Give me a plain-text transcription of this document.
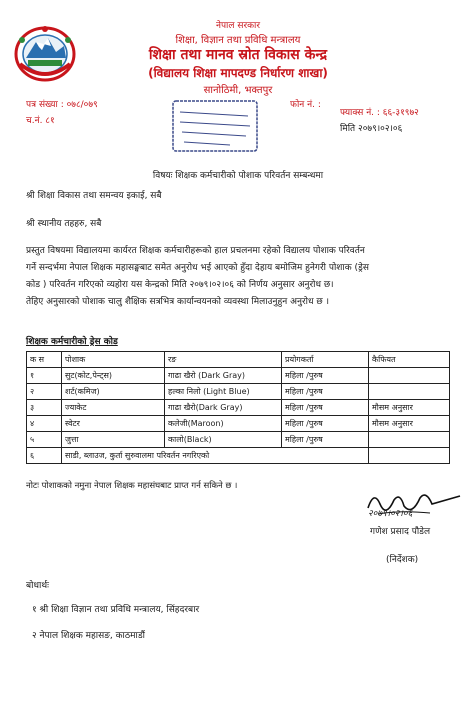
नेपाल सरकार
शिक्षा, विज्ञान तथा प्रविधि मन्त्रालय
शिक्षा तथा मानव स्रोत विकास केन्द्र
(विद्यालय शिक्षा मापदण्ड निर्धारण शाखा)
सानोठिमी, भक्तपुर
पत्र संख्या : ०७८/०७९
च.नं. ८१
फोन नं. :
फ्याक्स नं. : ६६-३१९७२
मिति २०७९।०२।०६
विषयः शिक्षक कर्मचारीको पोशाक परिवर्तन सम्बन्धमा
श्री शिक्षा विकास तथा समन्वय इकाई, सबै
श्री स्थानीय तहहरु, सबै
प्रस्तुत विषयमा विद्यालयमा कार्यरत शिक्षक कर्मचारीहरूको हाल प्रचलनमा रहेको विद्यालय पोशाक परिवर्तन
गर्ने सन्दर्भमा नेपाल शिक्षक महासङ्घबाट समेत अनुरोध भई आएको हुँदा देहाय बमोजिम हुनेगरी पोशाक (ड्रेस
कोड ) परिवर्तन गरिएको व्यहोरा यस केन्द्रको मिति २०७९।०२।०६ को निर्णय अनुसार अनुरोध छ।
तेहिए अनुसारको पोशाक चालु शैक्षिक सत्रभित्र कार्यान्वयनको व्यवस्था मिलाउनुहुन अनुरोध छ ।
शिक्षक कर्मचारीको ड्रेस कोड
क स	पोशाक	रङ	प्रयोगकर्ता	कैफियत
१	सुट(कोट,पेन्ट्स)	गाढा खैरो (Dark Gray)	महिला /पुरुष	
२	शर्ट(कमिज)	हल्का निलो (Light Blue)	महिला /पुरुष	
३	ज्याकेट	गाढा खैरो(Dark Gray)	महिला /पुरुष	मौसम अनुसार
४	स्वेटर	कलेजी(Maroon)	महिला /पुरुष	मौसम अनुसार
५	जुत्ता	कालो(Black)	महिला /पुरुष	
६	साडी, ब्लाउज, कुर्ता सुरुवालमा परिवर्तन नगरिएको			
नोटः पोशाकको नमुना नेपाल शिक्षक महासंघबाट प्राप्त गर्न सकिने छ ।
२०७९।०२।०६
गणेश प्रसाद पौडेल
(निर्देशक)
बोधार्थः
१ श्री शिक्षा विज्ञान तथा प्रविधि मन्त्रालय, सिंहदरबार
२ नेपाल शिक्षक महासङ, काठमाडौं
